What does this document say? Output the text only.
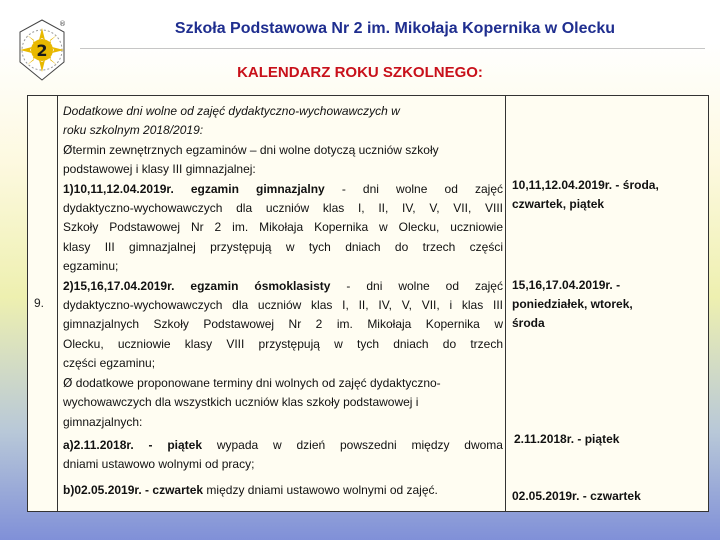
2
®	Szkoła Podstawowa Nr 2 im. Mikołaja Kopernika w Olecku
KALENDARZ ROKU SZKOLNEGO:
9.
Dodatkowe dni wolne od zajęć dydaktyczno-wychowawczych w
roku szkolnym 2018/2019:
Øtermin zewnętrznych egzaminów – dni wolne dotyczą uczniów szkoły
podstawowej i klasy III gimnazjalnej:
1)10,11,12.04.2019r. egzamin gimnazjalny - dni wolne od zajęć
dydaktyczno-wychowawczych dla uczniów klas I, II, IV, V, VII, VIII
Szkoły Podstawowej Nr 2 im. Mikołaja Kopernika w Olecku, uczniowie
klasy III gimnazjalnej przystępują w tych dniach do trzech części
egzaminu;
2)15,16,17.04.2019r. egzamin ósmoklasisty - dni wolne od zajęć
dydaktyczno-wychowawczych dla uczniów klas I, II, IV, V, VII, i klas III
gimnazjalnych Szkoły Podstawowej Nr 2 im. Mikołaja Kopernika w
Olecku, uczniowie klasy VIII przystępują w tych dniach do trzech
części egzaminu;
Ø dodatkowe proponowane terminy dni wolnych od zajęć dydaktyczno-
wychowawczych dla wszystkich uczniów klas szkoły podstawowej i
gimnazjalnych:
a)2.11.2018r. - piątek wypada w dzień powszedni między dwoma
dniami ustawowo wolnymi od pracy;
b)02.05.2019r. - czwartek między dniami ustawowo wolnymi od zajęć.
10,11,12.04.2019r. - środa,
czwartek, piątek
15,16,17.04.2019r. -
poniedziałek, wtorek,
środa
2.11.2018r. - piątek
02.05.2019r. - czwartek
